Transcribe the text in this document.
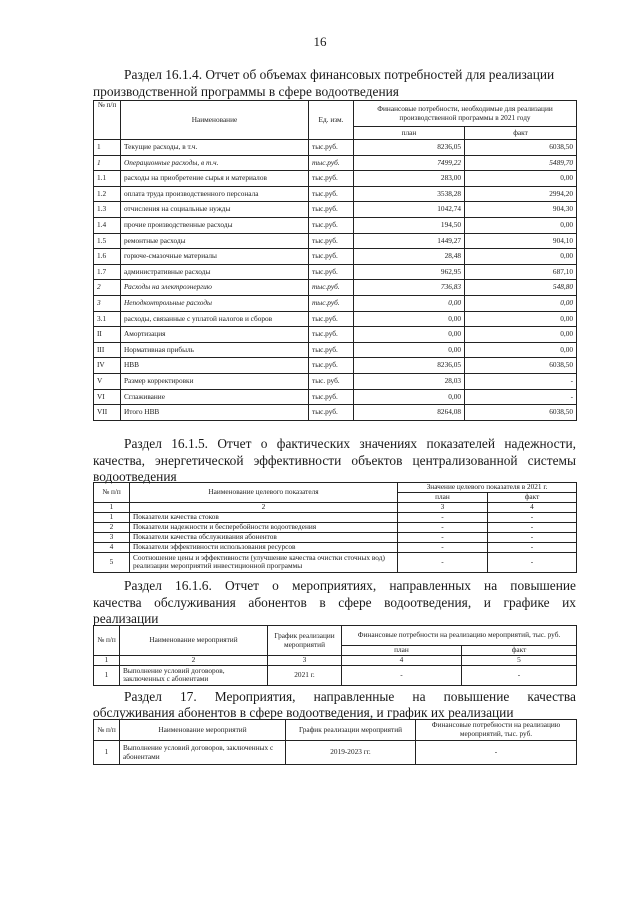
16
Раздел 16.1.4. Отчет об объемах финансовых потребностей для реализации
производственной программы в сфере водоотведения
№ п/п	Наименование	Ед. изм.	Финансовые потребности, необходимые для реализации производственной программы в 2021 году	
			план	факт
1	Текущие расходы, в т.ч.	тыс.руб.	8236,05	6038,50
1	Операционные расходы, в т.ч.	тыс.руб.	7499,22	5489,70
1.1	расходы на приобретение сырья и материалов	тыс.руб.	283,00	0,00
1.2	оплата труда производственного персонала	тыс.руб.	3538,28	2994,20
1.3	отчисления на социальные нужды	тыс.руб.	1042,74	904,30
1.4	прочие производственные расходы	тыс.руб.	194,50	0,00
1.5	ремонтные расходы	тыс.руб.	1449,27	904,10
1.6	горюче-смазочные материалы	тыс.руб.	28,48	0,00
1.7	административные расходы	тыс.руб.	962,95	687,10
2	Расходы на электроэнергию	тыс.руб.	736,83	548,80
3	Неподконтрольные расходы	тыс.руб.	0,00	0,00
3.1	расходы, связанные с уплатой налогов и сборов	тыс.руб.	0,00	0,00
II	Амортизация	тыс.руб.	0,00	0,00
III	Нормативная прибыль	тыс.руб.	0,00	0,00
IV	НВВ	тыс.руб.	8236,05	6038,50
V	Размер корректировки	тыс. руб.	28,03	-
VI	Сглаживание	тыс.руб.	0,00	-
VII	Итого НВВ	тыс.руб.	8264,08	6038,50
Раздел 16.1.5. Отчет о фактических значениях показателей надежности,
качества, энергетической эффективности объектов централизованной системы
водоотведения
№ п/п	Наименование целевого показателя	Значение целевого показателя в 2021 г.	
		план	факт
1	2	3	4
1	Показатели качества стоков	-	-
2	Показатели надежности и бесперебойности водоотведения	-	-
3	Показатели качества обслуживания абонентов	-	-
4	Показатели эффективности использования ресурсов	-	-
5	Соотношение цены и эффективности (улучшение качества очистки сточных вод) реализации мероприятий инвестиционной программы	-	-
Раздел 16.1.6. Отчет о мероприятиях, направленных на повышение
качества обслуживания абонентов в сфере водоотведения, и графике их
реализации
№ п/п	Наименование мероприятий	График реализации мероприятий	Финансовые потребности на реализацию мероприятий, тыс. руб.	
			план	факт
1	2	3	4	5
1	Выполнение условий договоров, заключенных с абонентами	2021 г.	-	-
Раздел 17. Мероприятия, направленные на повышение качества
обслуживания абонентов в сфере водоотведения, и график их реализации
№ п/п	Наименование мероприятий	График реализации мероприятий	Финансовые потребности на реализацию мероприятий, тыс. руб.
1	Выполнение условий договоров, заключенных с абонентами	2019-2023 гг.	-
